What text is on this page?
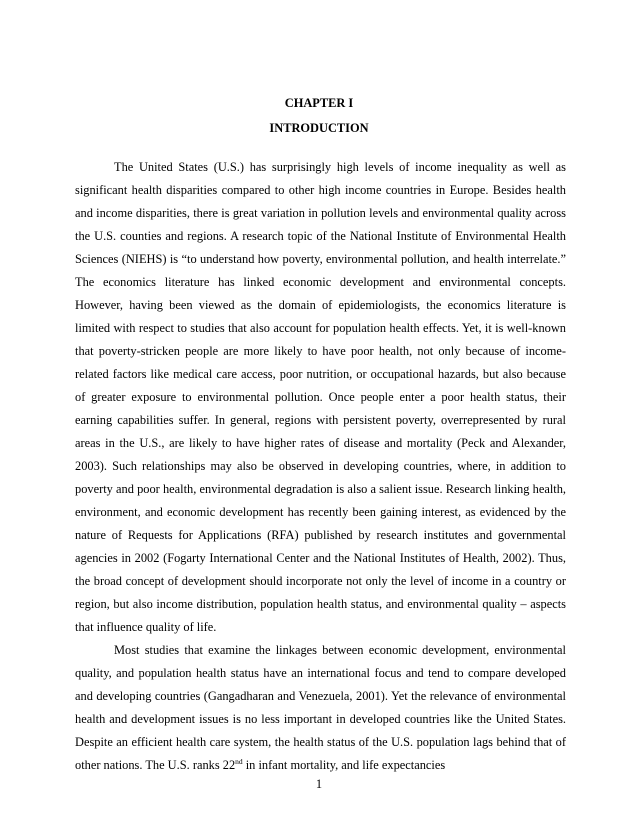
CHAPTER I
INTRODUCTION

The United States (U.S.) has surprisingly high levels of income inequality as well as significant health disparities compared to other high income countries in Europe. Besides health and income disparities, there is great variation in pollution levels and environmental quality across the U.S. counties and regions. A research topic of the National Institute of Environmental Health Sciences (NIEHS) is “to understand how poverty, environmental pollution, and health interrelate.” The economics literature has linked economic development and environmental concepts. However, having been viewed as the domain of epidemiologists, the economics literature is limited with respect to studies that also account for population health effects. Yet, it is well-known that poverty-stricken people are more likely to have poor health, not only because of income-related factors like medical care access, poor nutrition, or occupational hazards, but also because of greater exposure to environmental pollution. Once people enter a poor health status, their earning capabilities suffer. In general, regions with persistent poverty, overrepresented by rural areas in the U.S., are likely to have higher rates of disease and mortality (Peck and Alexander, 2003). Such relationships may also be observed in developing countries, where, in addition to poverty and poor health, environmental degradation is also a salient issue. Research linking health, environment, and economic development has recently been gaining interest, as evidenced by the nature of Requests for Applications (RFA) published by research institutes and governmental agencies in 2002 (Fogarty International Center and the National Institutes of Health, 2002). Thus, the broad concept of development should incorporate not only the level of income in a country or region, but also income distribution, population health status, and environmental quality – aspects that influence quality of life.

Most studies that examine the linkages between economic development, environmental quality, and population health status have an international focus and tend to compare developed and developing countries (Gangadharan and Venezuela, 2001). Yet the relevance of environmental health and development issues is no less important in developed countries like the United States. Despite an efficient health care system, the health status of the U.S. population lags behind that of other nations. The U.S. ranks 22nd in infant mortality, and life expectancies

1
